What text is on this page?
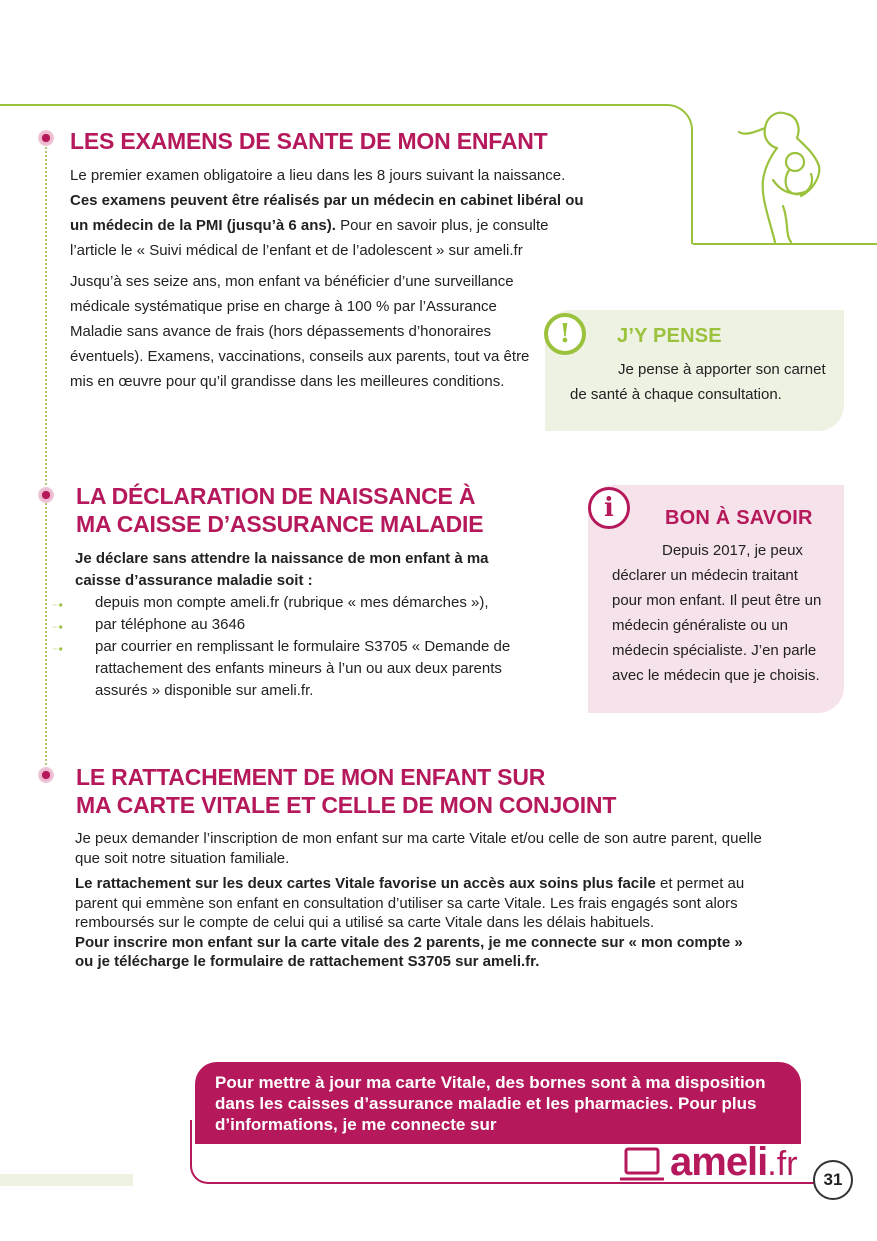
LES EXAMENS DE SANTE DE MON ENFANT

Le premier examen obligatoire a lieu dans les 8 jours suivant la naissance.
Ces examens peuvent être réalisés par un médecin en cabinet libéral ou un médecin de la PMI (jusqu’à 6 ans). Pour en savoir plus, je consulte l’article le « Suivi médical de l’enfant et de l’adolescent » sur ameli.fr

Jusqu’à ses seize ans, mon enfant va bénéficier d’une surveillance médicale systématique prise en charge à 100 % par l’Assurance Maladie sans avance de frais (hors dépassements d’honoraires éventuels). Examens, vaccinations, conseils aux parents, tout va être mis en œuvre pour qu’il grandisse dans les meilleures conditions.

!	J’Y PENSE

Je pense à apporter son carnet de santé à chaque consultation.

LA DÉCLARATION DE NAISSANCE À
MA CAISSE D’ASSURANCE MALADIE
Je déclare sans attendre la naissance de mon enfant à ma caisse d’assurance maladie soit :
depuis mon compte ameli.fr (rubrique « mes démarches »),
par téléphone au 3646
par courrier en remplissant le formulaire S3705 « Demande de rattachement des enfants mineurs à l’un ou aux deux parents assurés » disponible sur ameli.fr.
i	BON À SAVOIR

Depuis 2017, je peux déclarer un médecin traitant pour mon enfant. Il peut être un médecin généraliste ou un médecin spécialiste. J’en parle avec le médecin que je choisis.

LE RATTACHEMENT DE MON ENFANT SUR
MA CARTE VITALE ET CELLE DE MON CONJOINT

Je peux demander l’inscription de mon enfant sur ma carte Vitale et/ou celle de son autre parent, quelle que soit notre situation familiale.

Le rattachement sur les deux cartes Vitale favorise un accès aux soins plus facile et permet au parent qui emmène son enfant en consultation d’utiliser sa carte Vitale. Les frais engagés sont alors remboursés sur le compte de celui qui a utilisé sa carte Vitale dans les délais habituels.

Pour inscrire mon enfant sur la carte vitale des 2 parents, je me connecte sur « mon compte » ou je télécharge le formulaire de rattachement S3705 sur ameli.fr.

Pour mettre à jour ma carte Vitale, des bornes sont à ma disposition dans les caisses d’assurance maladie et les pharmacies. Pour plus d’informations, je me connecte sur
ameli.fr	31
